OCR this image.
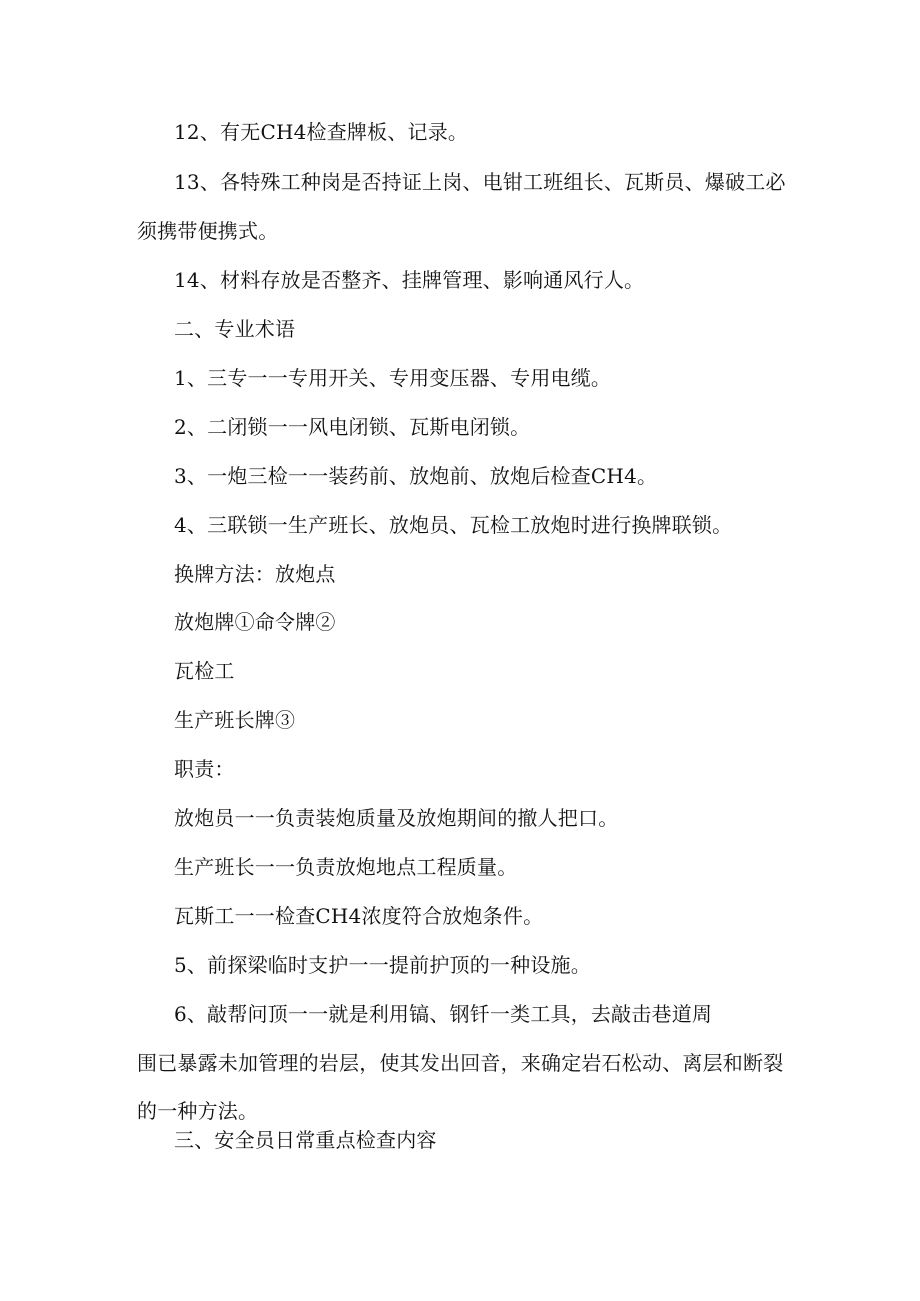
12、有无CH4检查牌板、记录。
13、各特殊工种岗是否持证上岗、电钳工班组长、瓦斯员、爆破工必
须携带便携式。
14、材料存放是否整齐、挂牌管理、影响通风行人。
二、专业术语
1、三专一一专用开关、专用变压器、专用电缆。
2、二闭锁一一风电闭锁、瓦斯电闭锁。
3、一炮三检一一装药前、放炮前、放炮后检查CH4。
4、三联锁一生产班长、放炮员、瓦检工放炮时进行换牌联锁。
换牌方法：放炮点
放炮牌①命令牌②
瓦检工
生产班长牌③
职责：
放炮员一一负责装炮质量及放炮期间的撤人把口。
生产班长一一负责放炮地点工程质量。
瓦斯工一一检查CH4浓度符合放炮条件。
5、前探梁临时支护一一提前护顶的一种设施。
6、敲帮问顶一一就是利用镐、钢钎一类工具，去敲击巷道周
围已暴露未加管理的岩层，使其发出回音，来确定岩石松动、离层和断裂
的一种方法。
三、安全员日常重点检查内容
